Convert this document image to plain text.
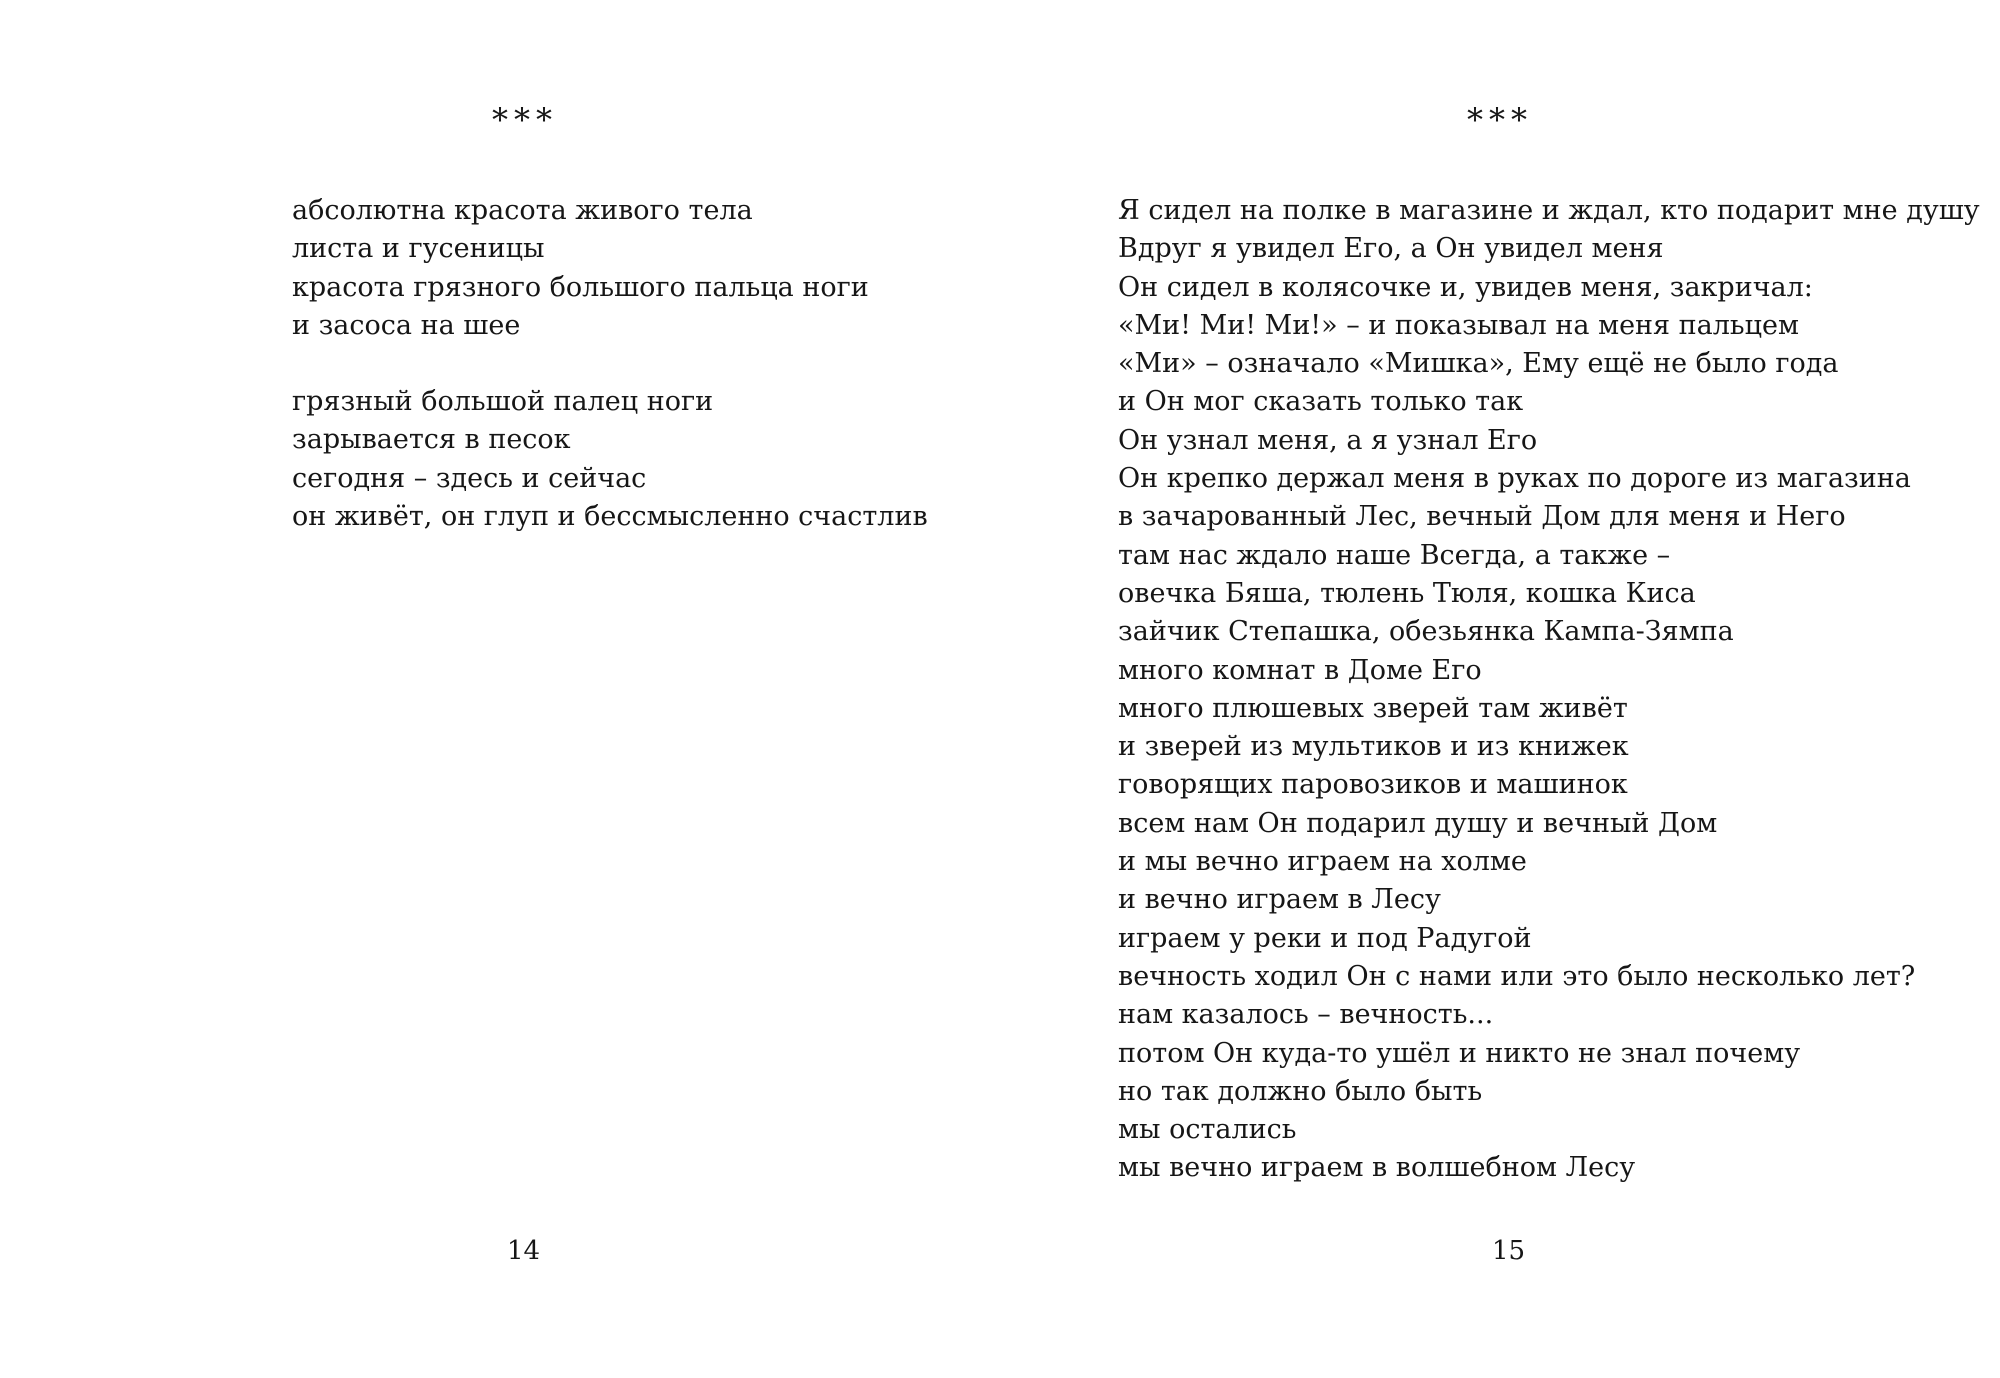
***
абсолютна красота живого тела
листа и гусеницы
красота грязного большого пальца ноги
и засоса на шее
грязный большой палец ноги
зарывается в песок
сегодня – здесь и сейчас
он живёт, он глуп и бессмысленно счастлив
14
***
Я сидел на полке в магазине и ждал, кто подарит мне душу
Вдруг я увидел Его, а Он увидел меня
Он сидел в колясочке и, увидев меня, закричал:
«Ми! Ми! Ми!» – и показывал на меня пальцем
«Ми» – означало «Мишка», Ему ещё не было года
и Он мог сказать только так
Он узнал меня, а я узнал Его
Он крепко держал меня в руках по дороге из магазина
в зачарованный Лес, вечный Дом для меня и Него
там нас ждало наше Всегда, а также –
овечка Бяша, тюлень Тюля, кошка Киса
зайчик Степашка, обезьянка Кампа-Зямпа
много комнат в Доме Его
много плюшевых зверей там живёт
и зверей из мультиков и из книжек
говорящих паровозиков и машинок
всем нам Он подарил душу и вечный Дом
и мы вечно играем на холме
и вечно играем в Лесу
играем у реки и под Радугой
вечность ходил Он с нами или это было несколько лет?
нам казалось – вечность...
потом Он куда-то ушёл и никто не знал почему
но так должно было быть
мы остались
мы вечно играем в волшебном Лесу
15
